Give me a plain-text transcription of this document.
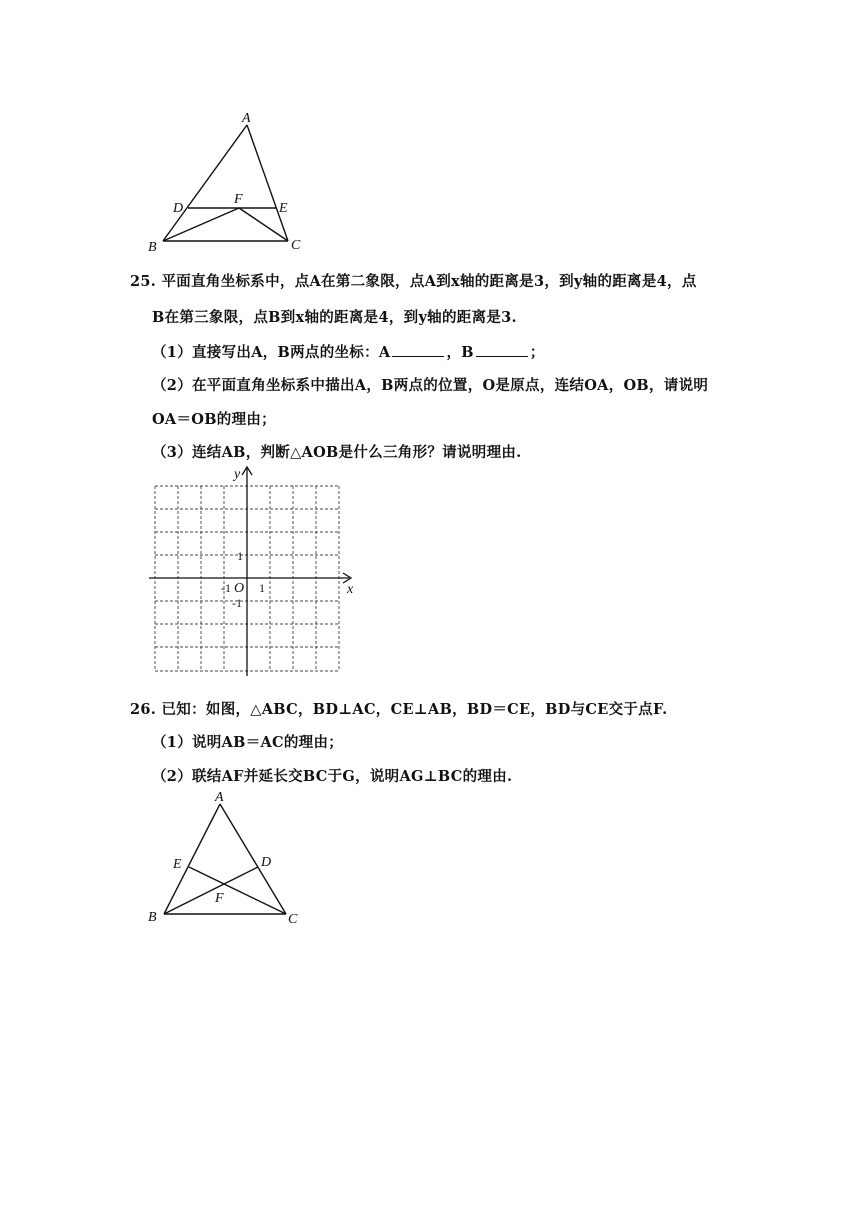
A
D
F
E
B	C
25. 平面直角坐标系中，点A在第二象限，点A到x轴的距离是3，到y轴的距离是4，点
B在第三象限，点B到x轴的距离是4，到y轴的距离是3.
（1）直接写出A，B两点的坐标：A	，B	；
（2）在平面直角坐标系中描出A，B两点的位置，O是原点，连结OA，OB，请说明
OA＝OB的理由；
（3）连结AB，判断△AOB是什么三角形？请说明理由.
y
x
1
-1 O 1
-1
26. 已知：如图，△ABC，BD⊥AC，CE⊥AB，BD＝CE，BD与CE交于点F.
（1）说明AB＝AC的理由；
（2）联结AF并延长交BC于G，说明AG⊥BC的理由.
A
E	D
F
B	C
